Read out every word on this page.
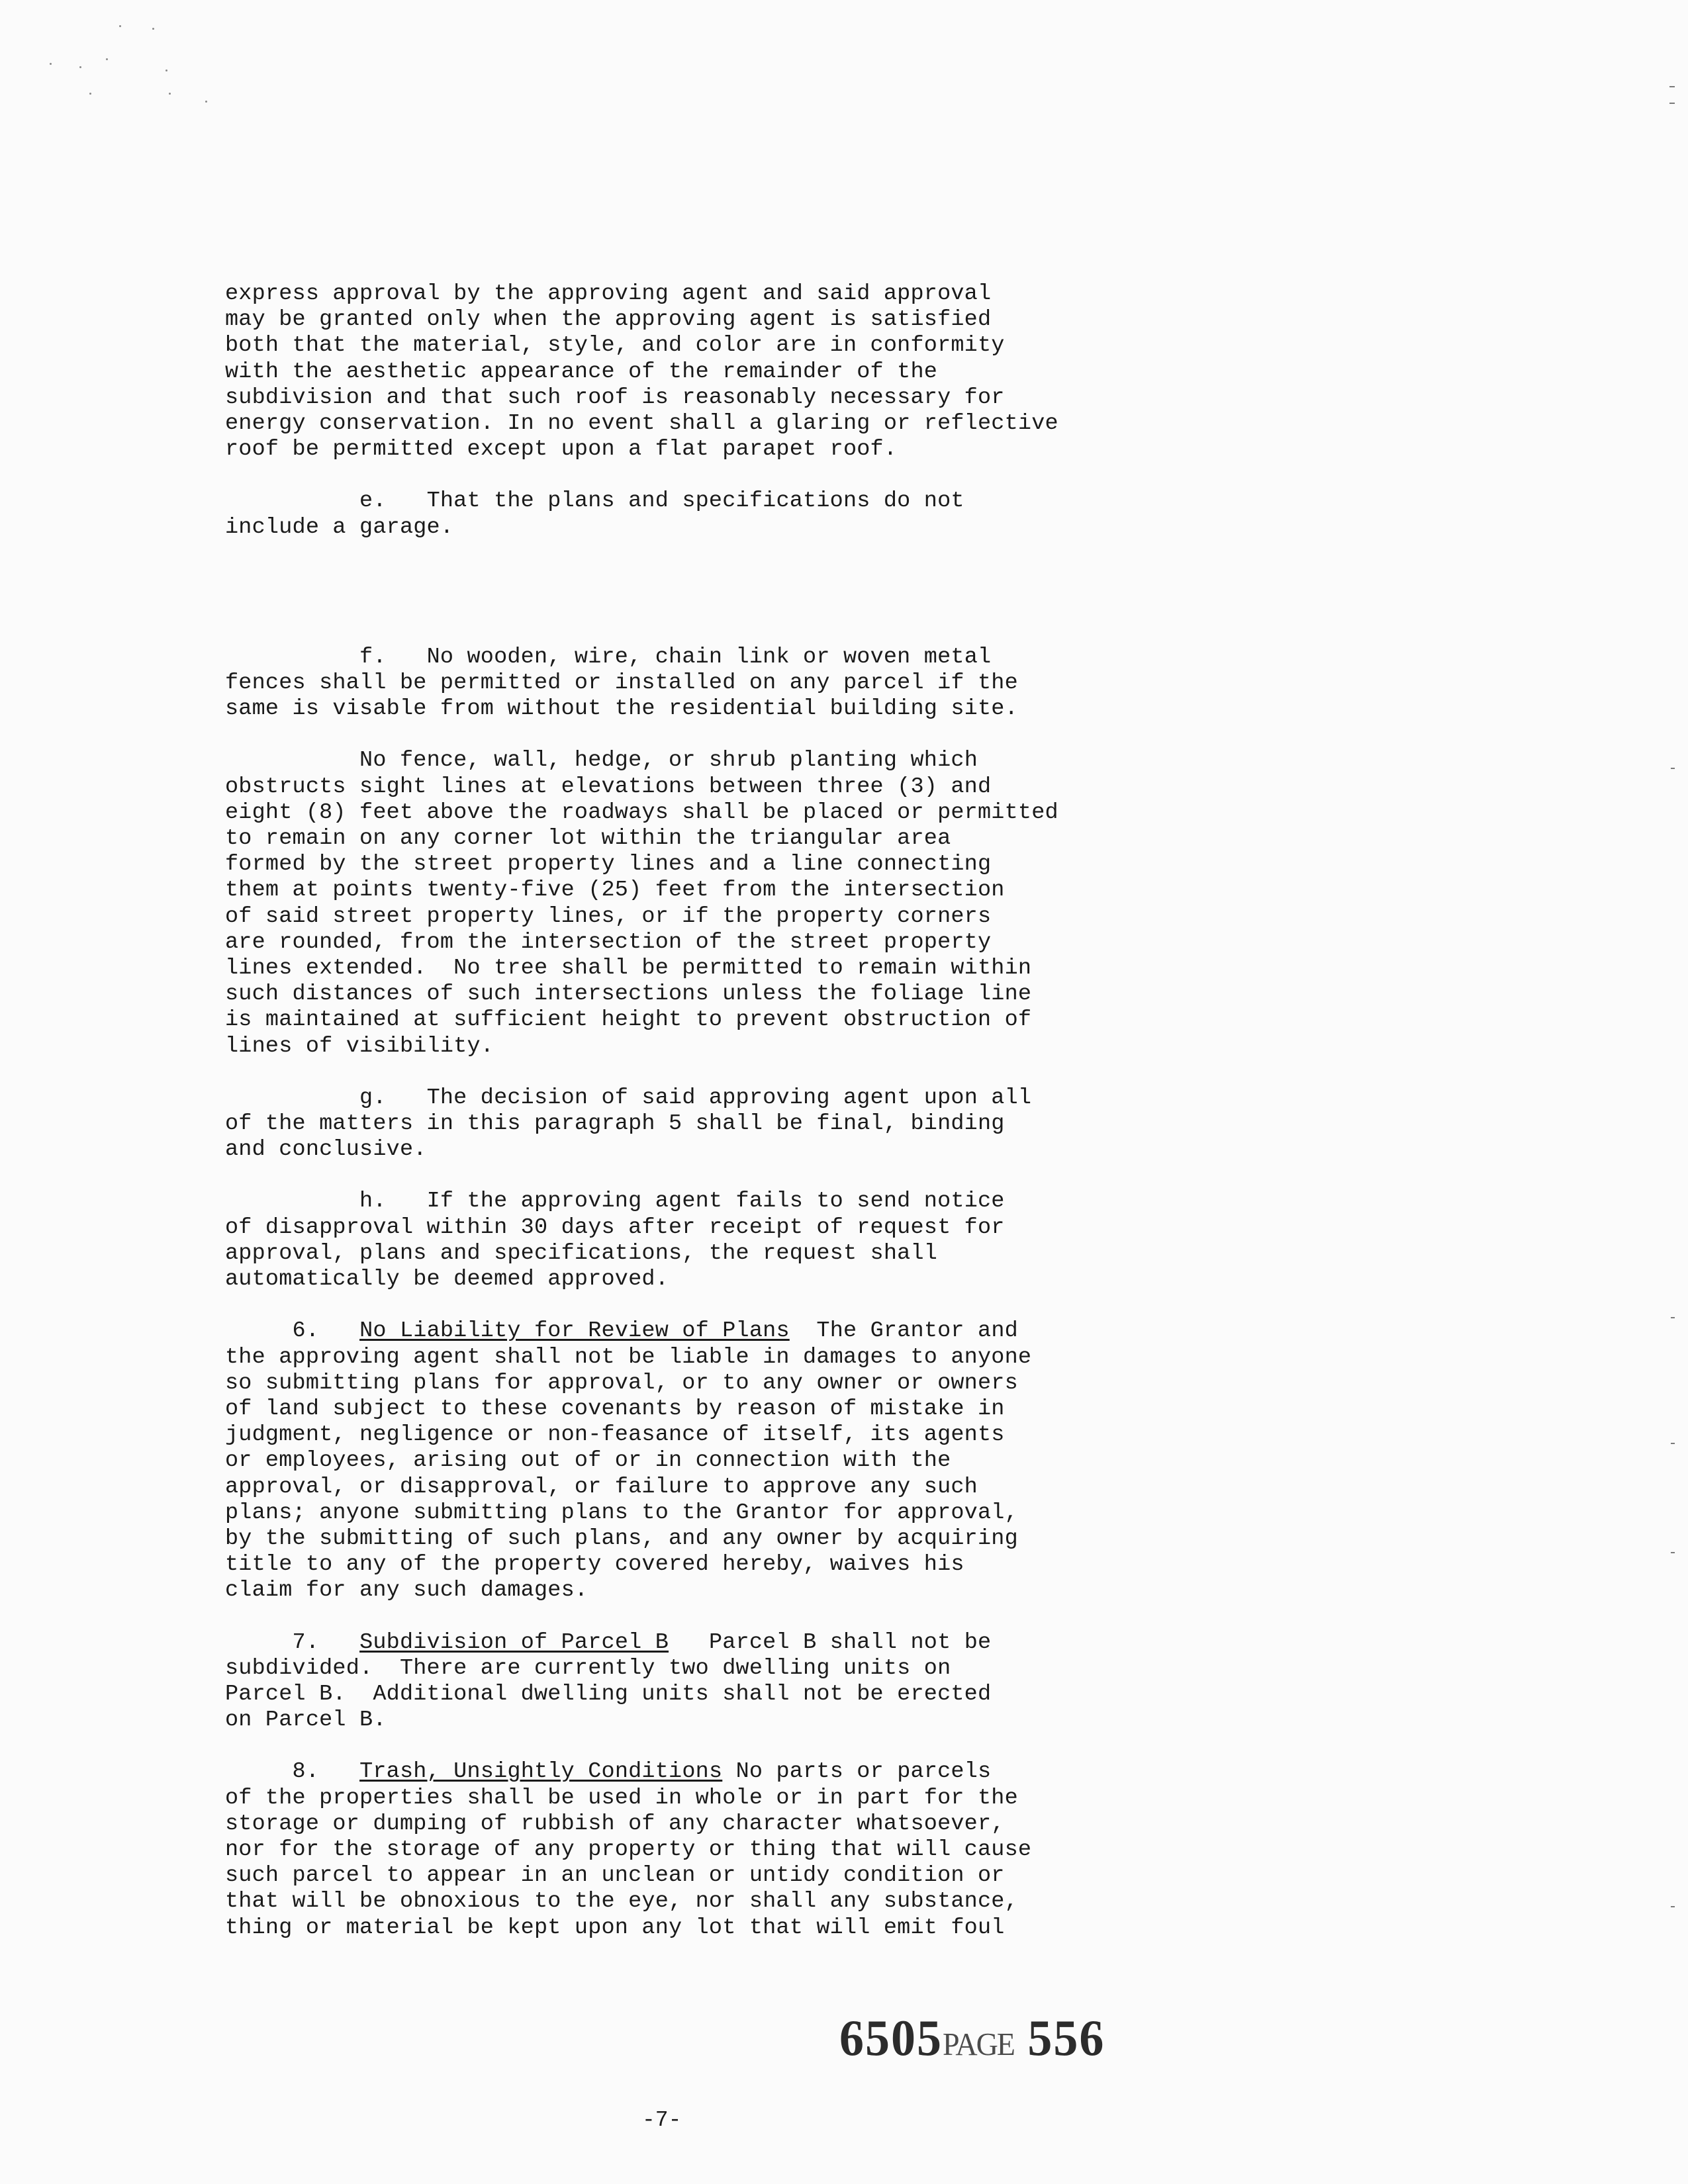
express approval by the approving agent and said approval
may be granted only when the approving agent is satisfied
both that the material, style, and color are in conformity
with the aesthetic appearance of the remainder of the
subdivision and that such roof is reasonably necessary for
energy conservation. In no event shall a glaring or reflective
roof be permitted except upon a flat parapet roof.

e.   That the plans and specifications do not
include a garage.

f.   No wooden, wire, chain link or woven metal
fences shall be permitted or installed on any parcel if the
same is visable from without the residential building site.

No fence, wall, hedge, or shrub planting which
obstructs sight lines at elevations between three (3) and
eight (8) feet above the roadways shall be placed or permitted
to remain on any corner lot within the triangular area
formed by the street property lines and a line connecting
them at points twenty-five (25) feet from the intersection
of said street property lines, or if the property corners
are rounded, from the intersection of the street property
lines extended.  No tree shall be permitted to remain within
such distances of such intersections unless the foliage line
is maintained at sufficient height to prevent obstruction of
lines of visibility.

g.   The decision of said approving agent upon all
of the matters in this paragraph 5 shall be final, binding
and conclusive.

h.   If the approving agent fails to send notice
of disapproval within 30 days after receipt of request for
approval, plans and specifications, the request shall
automatically be deemed approved.

6.   No Liability for Review of Plans  The Grantor and
the approving agent shall not be liable in damages to anyone
so submitting plans for approval, or to any owner or owners
of land subject to these covenants by reason of mistake in
judgment, negligence or non-feasance of itself, its agents
or employees, arising out of or in connection with the
approval, or disapproval, or failure to approve any such
plans; anyone submitting plans to the Grantor for approval,
by the submitting of such plans, and any owner by acquiring
title to any of the property covered hereby, waives his
claim for any such damages.

7.   Subdivision of Parcel B   Parcel B shall not be
subdivided.  There are currently two dwelling units on
Parcel B.  Additional dwelling units shall not be erected
on Parcel B.

8.   Trash, Unsightly Conditions No parts or parcels
of the properties shall be used in whole or in part for the
storage or dumping of rubbish of any character whatsoever,
nor for the storage of any property or thing that will cause
such parcel to appear in an unclean or untidy condition or
that will be obnoxious to the eye, nor shall any substance,
thing or material be kept upon any lot that will emit foul

6505PAGE 556
-7-
